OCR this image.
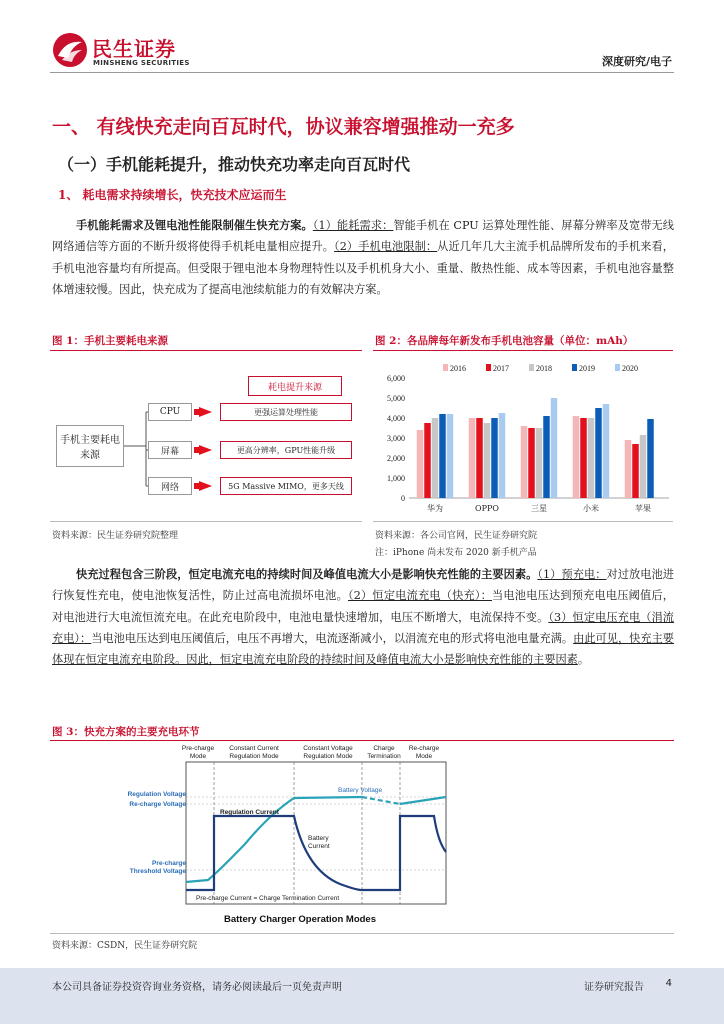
民生证券
MINSHENG SECURITIES	深度研究/电子
一、 有线快充走向百瓦时代，协议兼容增强推动一充多
（一）手机能耗提升，推动快充功率走向百瓦时代
1、 耗电需求持续增长，快充技术应运而生
手机能耗需求及锂电池性能限制催生快充方案。（1）能耗需求：智能手机在 CPU 运算处理性能、屏幕分辨率及宽带无线网络通信等方面的不断升级将使得手机耗电量相应提升。（2）手机电池限制：从近几年几大主流手机品牌所发布的手机来看，手机电池容量均有所提高。但受限于锂电池本身物理特性以及手机机身大小、重量、散热性能、成本等因素，手机电池容量整体增速较慢。因此，快充成为了提高电池续航能力的有效解决方案。
图 1：手机主要耗电来源
耗电提升来源
手机主要耗电来源
CPU	更强运算处理性能
屏幕	更高分辨率，GPU性能升级
网络	5G Massive MIMO，更多天线
资料来源：民生证券研究院整理
图 2：各品牌每年新发布手机电池容量（单位：mAh）
0
1,000
2,000
3,000
4,000
5,000
6,000
2016	2017	2018	2019	2020
华为	OPPO	三星	小米	苹果
资料来源：各公司官网，民生证券研究院
注：iPhone 尚未发布 2020 新手机产品
快充过程包含三阶段，恒定电流充电的持续时间及峰值电流大小是影响快充性能的主要因素。（1）预充电：对过放电池进行恢复性充电，使电池恢复活性，防止过高电流损坏电池。（2）恒定电流充电（快充）：当电池电压达到预充电电压阈值后，对电池进行大电流恒流充电。在此充电阶段中，电池电量快速增加，电压不断增大，电流保持不变。（3）恒定电压充电（涓流充电）：当电池电压达到电压阈值后，电压不再增大，电流逐渐减小，以涓流充电的形式将电池电量充满。由此可见，快充主要体现在恒定电流充电阶段。因此，恒定电流充电阶段的持续时间及峰值电流大小是影响快充性能的主要因素。
图 3：快充方案的主要充电环节
Pre-charge
Mode
Constant Current
Regulation Mode
Constant Voltage
Regulation Mode
Charge
Termination
Re-charge
Mode
Regulation Voltage
Re-charge Voltage
Pre-charge
Threshold Voltage
Battery Voltage
Regulation Current
Battery
Current
Pre-charge Current = Charge Termination Current
Battery Charger Operation Modes
资料来源：CSDN，民生证券研究院
本公司具备证券投资咨询业务资格，请务必阅读最后一页免责声明	证券研究报告 4
